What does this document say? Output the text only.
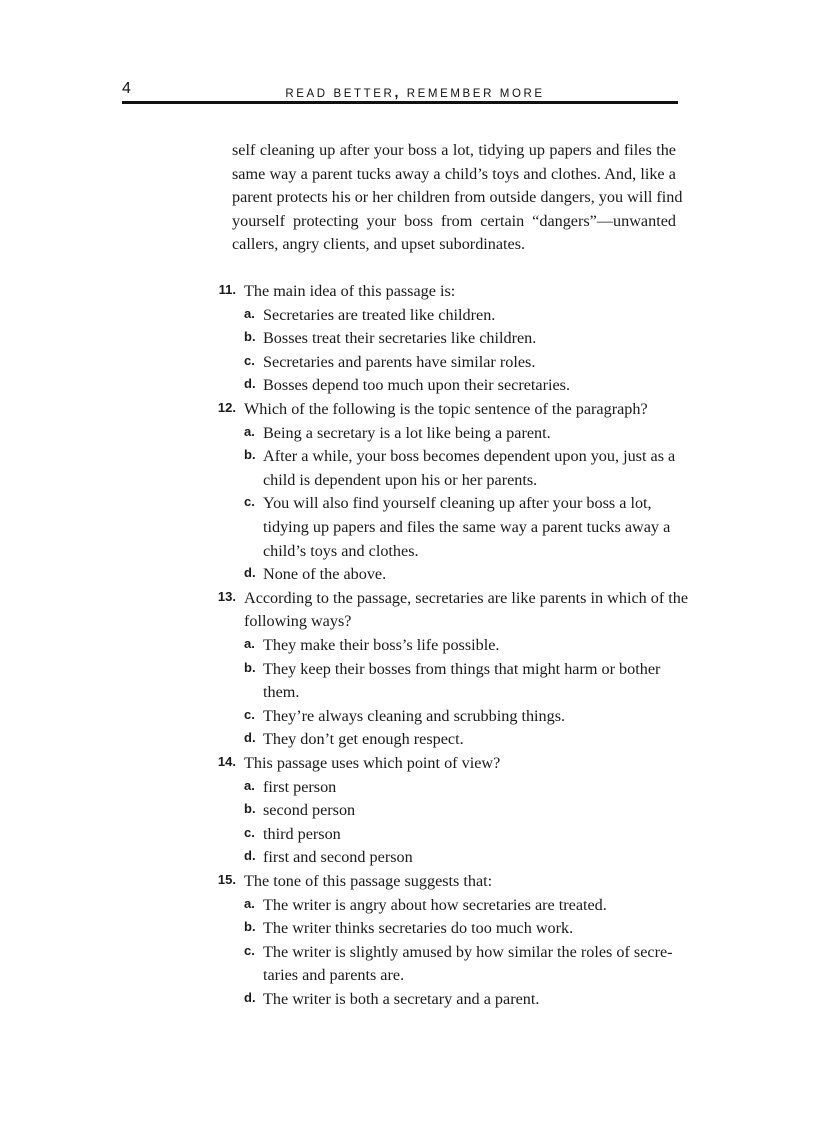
4	READ BETTER, REMEMBER MORE
self cleaning up after your boss a lot, tidying up papers and files the
same way a parent tucks away a child’s toys and clothes. And, like a
parent protects his or her children from outside dangers, you will find
yourself protecting your boss from certain “dangers”—unwanted
callers, angry clients, and upset subordinates.
11. The main idea of this passage is:
a. Secretaries are treated like children.
b. Bosses treat their secretaries like children.
c. Secretaries and parents have similar roles.
d. Bosses depend too much upon their secretaries.
12. Which of the following is the topic sentence of the paragraph?
a. Being a secretary is a lot like being a parent.
b. After a while, your boss becomes dependent upon you, just as a
child is dependent upon his or her parents.
c. You will also find yourself cleaning up after your boss a lot,
tidying up papers and files the same way a parent tucks away a
child’s toys and clothes.
d. None of the above.
13. According to the passage, secretaries are like parents in which of the
following ways?
a. They make their boss’s life possible.
b. They keep their bosses from things that might harm or bother
them.
c. They’re always cleaning and scrubbing things.
d. They don’t get enough respect.
14. This passage uses which point of view?
a. first person
b. second person
c. third person
d. first and second person
15. The tone of this passage suggests that:
a. The writer is angry about how secretaries are treated.
b. The writer thinks secretaries do too much work.
c. The writer is slightly amused by how similar the roles of secre-
taries and parents are.
d. The writer is both a secretary and a parent.
